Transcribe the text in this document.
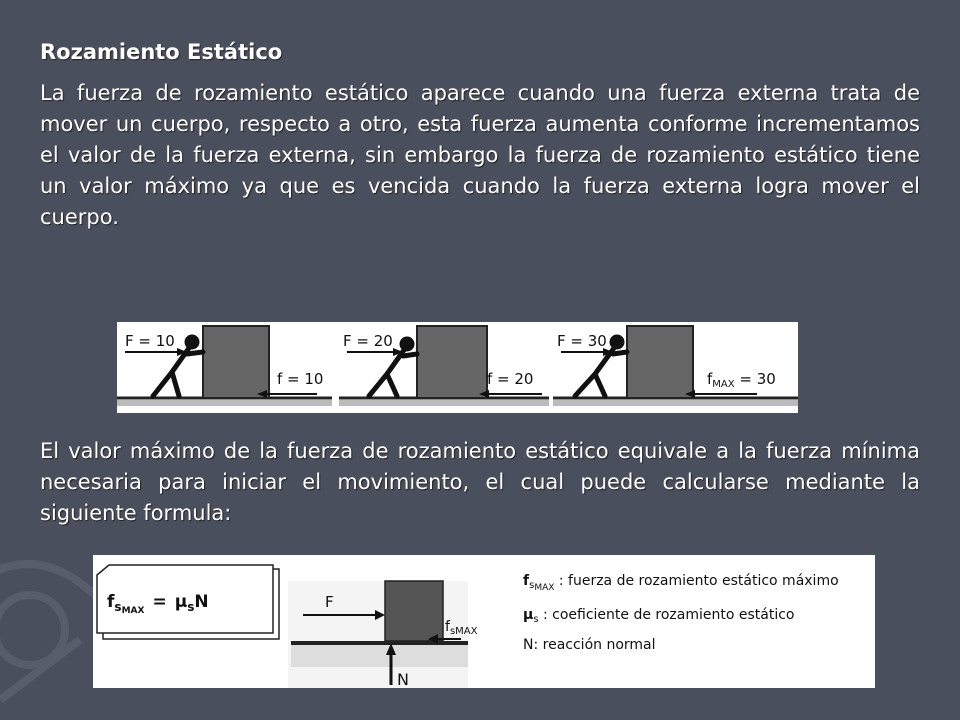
Rozamiento Estático
La fuerza de rozamiento estático aparece cuando una fuerza externa trata de mover un cuerpo, respecto a otro, esta fuerza aumenta conforme incrementamos el valor de la fuerza externa, sin embargo la fuerza de rozamiento estático tiene un valor máximo ya que es vencida cuando la fuerza externa logra mover el cuerpo.
F = 10
f = 10
F = 20
f = 20
F = 30
$f_{MAX} = 30$
El valor máximo de la fuerza de rozamiento estático equivale a la fuerza mínima necesaria para iniciar el movimiento, el cual puede calcularse mediante la siguiente formula:
$f_sMAX = \mu_sN$	F
$f_sMAX$
N
$f_sMAX$ : fuerza de rozamiento estático máximo
$\mu_s$ : coeficiente de rozamiento estático
N: reacción normal
